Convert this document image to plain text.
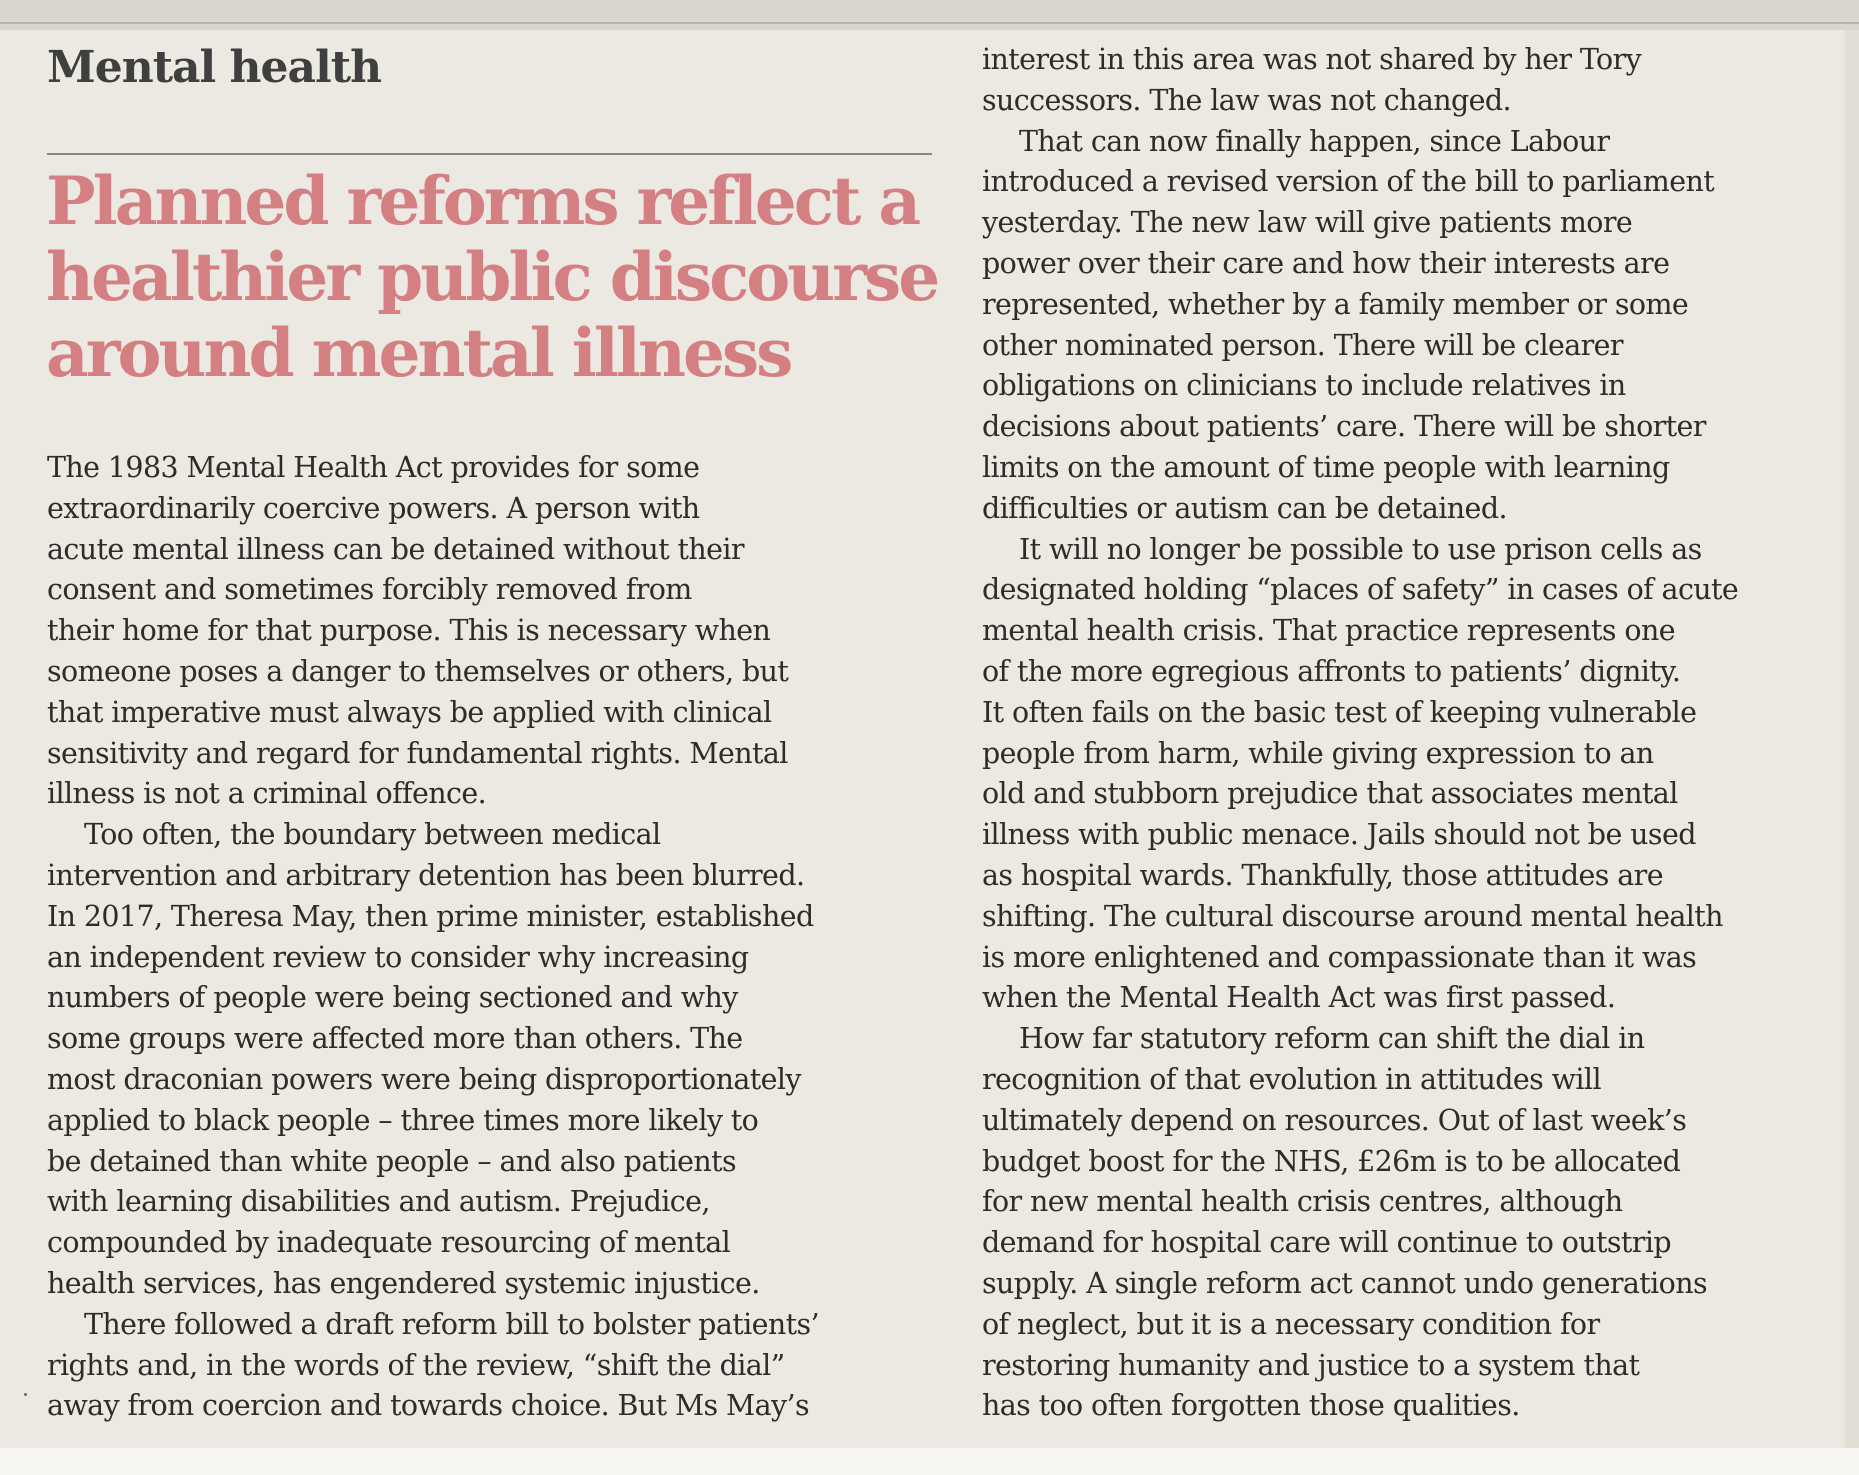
Mental health
Planned reforms reflect a
healthier public discourse
around mental illness
The 1983 Mental Health Act provides for some
extraordinarily coercive powers. A person with
acute mental illness can be detained without their
consent and sometimes forcibly removed from
their home for that purpose. This is necessary when
someone poses a danger to themselves or others, but
that imperative must always be applied with clinical
sensitivity and regard for fundamental rights. Mental
illness is not a criminal offence.
Too often, the boundary between medical
intervention and arbitrary detention has been blurred.
In 2017, Theresa May, then prime minister, established
an independent review to consider why increasing
numbers of people were being sectioned and why
some groups were affected more than others. The
most draconian powers were being disproportionately
applied to black people – three times more likely to
be detained than white people – and also patients
with learning disabilities and autism. Prejudice,
compounded by inadequate resourcing of mental
health services, has engendered systemic injustice.
There followed a draft reform bill to bolster patients’
rights and, in the words of the review, “shift the dial”
away from coercion and towards choice. But Ms May’s
interest in this area was not shared by her Tory
successors. The law was not changed.
That can now finally happen, since Labour
introduced a revised version of the bill to parliament
yesterday. The new law will give patients more
power over their care and how their interests are
represented, whether by a family member or some
other nominated person. There will be clearer
obligations on clinicians to include relatives in
decisions about patients’ care. There will be shorter
limits on the amount of time people with learning
difficulties or autism can be detained.
It will no longer be possible to use prison cells as
designated holding “places of safety” in cases of acute
mental health crisis. That practice represents one
of the more egregious affronts to patients’ dignity.
It often fails on the basic test of keeping vulnerable
people from harm, while giving expression to an
old and stubborn prejudice that associates mental
illness with public menace. Jails should not be used
as hospital wards. Thankfully, those attitudes are
shifting. The cultural discourse around mental health
is more enlightened and compassionate than it was
when the Mental Health Act was first passed.
How far statutory reform can shift the dial in
recognition of that evolution in attitudes will
ultimately depend on resources. Out of last week’s
budget boost for the NHS, £26m is to be allocated
for new mental health crisis centres, although
demand for hospital care will continue to outstrip
supply. A single reform act cannot undo generations
of neglect, but it is a necessary condition for
restoring humanity and justice to a system that
has too often forgotten those qualities.
